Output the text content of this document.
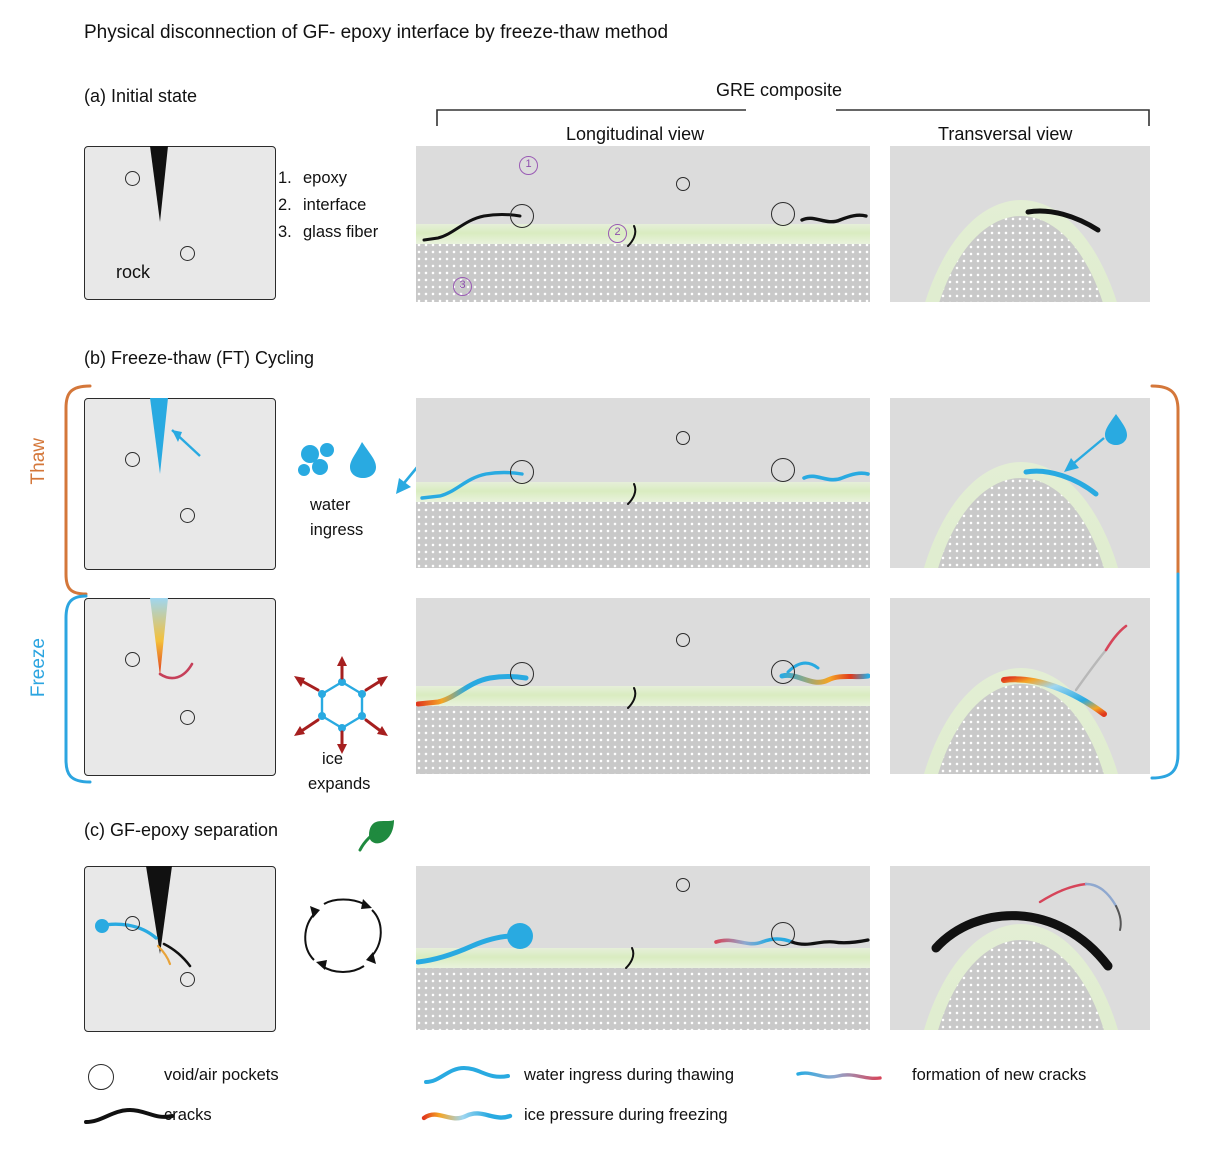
Physical disconnection of GF- epoxy interface by freeze-thaw method
(a) Initial state
(b) Freeze-thaw (FT) Cycling
(c) GF-epoxy separation
GRE composite
Longitudinal view	Transversal view
rock
1. epoxy
2. interface
3. glass fiber
1
2
3
Thaw
Freeze
water
ingress
ice
expands
void/air pockets	water ingress during thawing	formation of new cracks
cracks	ice pressure during freezing
